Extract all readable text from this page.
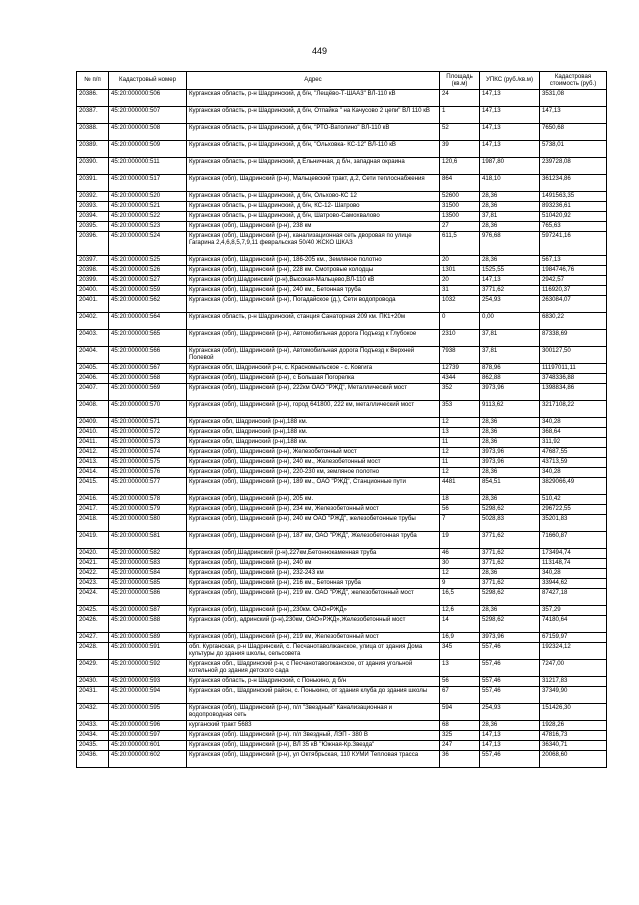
449
№ п/п	Кадастровый номер	Адрес	Площадь (кв.м)	УПКС (руб./кв.м)	Кадастровая стоимость (руб.)
20386.	45:20:000000:506	Курганская область, р-н Шадринский, д б/н, "Лещёво-Т-ШАА3" ВЛ-110 кВ	24	147,13	3531,08
20387.	45:20:000000:507	Курганская область, р-н Шадринский, д б/н, Отпайка " на Качусово 2 цепи" ВЛ 110 кВ	1	147,13	147,13
20388.	45:20:000000:508	Курганская область, р-н Шадринский, д б/н, "РТО-Ватолино" ВЛ-110 кВ	52	147,13	7650,68
20389.	45:20:000000:509	Курганская область, р-н Шадринский, д б/н, "Ольховка- КС-12" ВЛ-110 кВ	39	147,13	5738,01
20390.	45:20:000000:511	Курганская область, р-н Шадринский, д Ельничная, д б/н, западная окраина	120,6	1987,80	239728,08
20391.	45:20:000000:517	Курганская (обл), Шадринский (р-н), Мальцевский тракт, д.2, Сети теплоснабжения	864	418,10	361234,86
20392.	45:20:000000:520	Курганская область, р-н Шадринский, д б/н, Ольхово-КС 12	52600	28,36	1491563,35
20393.	45:20:000000:521	Курганская область, р-н Шадринский, д б/н, КС-12- Шатрово	31500	28,36	893236,61
20394.	45:20:000000:522	Курганская область, р-н Шадринский, д б/н, Шатрово-Самохвалово	13500	37,81	510420,92
20395.	45:20:000000:523	Курганская (обл), Шадринский (р-н), 238 км	27	28,36	765,63
20396.	45:20:000000:524	Курганская (обл), Шадринский (р-н), канализационная сеть дворовая по улице Гагарина 2,4,6,8,5,7,9,11 февральская 50/40 ЖСКО ШКАЗ	611,5	976,68	597241,16
20397.	45:20:000000:525	Курганская (обл), Шадринский (р-н), 186-205 км., Земляное полотно	20	28,36	567,13
20398.	45:20:000000:526	Курганская (обл), Шадринский (р-н), 228 км. Смотровые колодцы	1301	1525,55	1984746,76
20399.	45:20:000000:527	Курганская (обл),Шадринский (р-н),Высокая-Мальцево,ВЛ-110 кВ	20	147,13	2942,57
20400.	45:20:000000:559	Курганская (обл), Шадринский (р-н), 240 км., Бетонная труба	31	3771,62	116920,37
20401.	45:20:000000:562	Курганская (обл), Шадринский (р-н), Погадайское (д.), Сети водопровода	1032	254,93	263084,07
20402.	45:20:000000:564	Курганская область, р-н Шадринский, станция Санаторная 209 км. ПК1+20м	0	0,00	6830,22
20403.	45:20:000000:565	Курганская (обл), Шадринский (р-н), Автомобильная дорога Подъезд к Глубокое	2310	37,81	87338,69
20404.	45:20:000000:566	Курганская (обл), Шадринский (р-н), Автомобильная дорога Подъезд к Верхней Полевой	7938	37,81	300127,50
20405.	45:20:000000:567	Курганская обл, Шадринский р-н, с. Красномыльское - с. Ковгига	12739	878,96	11197011,11
20406.	45:20:000000:568	Курганская (обл), Шадринский (р-н), с Большая Погорелка	4344	862,88	3748336,88
20407.	45:20:000000:569	Курганская (обл), Шадринский (р-н), 222км ОАО "РЖД", Металлический мост	352	3973,96	1398834,86
20408.	45:20:000000:570	Курганская (обл), Шадринский (р-н), город 641800, 222 км, металлический мост	353	9113,62	3217108,22
20409.	45:20:000000:571	Курганская обл, Шадринский (р-н),188 км.	12	28,36	340,28
20410.	45:20:000000:572	Курганская обл, Шадринский (р-н),188 км.	13	28,36	368,64
20411.	45:20:000000:573	Курганская обл, Шадринский (р-н),188 км.	11	28,36	311,92
20412.	45:20:000000:574	Курганская (обл), Шадринский (р-н), Железобетонный мост	12	3973,96	47687,55
20413.	45:20:000000:575	Курганская (обл), Шадринский (р-н), 240 км., Железобетонный мост	11	3973,96	43713,59
20414.	45:20:000000:576	Курганская (обл), Шадринский (р-н), 220-230 км, земляное полотно	12	28,36	340,28
20415.	45:20:000000:577	Курганская (обл), Шадринский (р-н), 189 км., ОАО "РЖД", Станционные пути	4481	854,51	3829066,49
20416.	45:20:000000:578	Курганская (обл), Шадринский (р-н), 205 км.	18	28,36	510,42
20417.	45:20:000000:579	Курганская (обл), Шадринский (р-н), 234 км, Железобетонный мост	56	5298,62	296722,55
20418.	45:20:000000:580	Курганская (обл), Шадринский (р-н), 240 км ОАО "РЖД", железобетонные трубы	7	5028,83	35201,83
20419.	45:20:000000:581	Курганская (обл), Шадринский (р-н), 187 км, ОАО "РЖД", Железобетонная труба	19	3771,62	71660,87
20420.	45:20:000000:582	Курганская (обл),Шадринский (р-н),227км,Бетоннокаменная труба	46	3771,62	173494,74
20421.	45:20:000000:583	Курганская (обл), Шадринский (р-н), 240 км	30	3771,62	113148,74
20422.	45:20:000000:584	Курганская (обл), Шадринский (р-н), 232-243 км	12	28,36	340,28
20423.	45:20:000000:585	Курганская (обл), Шадринский (р-н), 216 км., Бетонная труба	9	3771,62	33944,62
20424.	45:20:000000:586	Курганская (обл), Шадринский (р-н), 219 км. ОАО "РЖД", железобетонный мост	16,5	5298,62	87427,18
20425.	45:20:000000:587	Курганская (обл), Шадринский (р-н),,230км. ОАО«РЖД»	12,6	28,36	357,29
20426.	45:20:000000:588	Курганская (обл), адринский (р-н),230км, ОАО«РЖД»,Железобетонный мост	14	5298,62	74180,64
20427.	45:20:000000:589	Курганская (обл), Шадринский (р-н), 219 км, Железобетонный мост	16,9	3973,96	67159,97
20428.	45:20:000000:591	обл. Курганская, р-н Шадринский, с. Песчанотаволжанское, улица от здания Дома культуры до здания школы, сельсовета	345	557,46	192324,12
20429.	45:20:000000:592	Курганская обл., Шадринский р-н, с Песчанотаволжанское, от здания угольной котельной до здания детского сада	13	557,46	7247,00
20430.	45:20:000000:593	Курганская область, р-н Шадринский, с Понькино, д б/н	56	557,46	31217,83
20431.	45:20:000000:594	Курганская обл., Шадринский район, с. Понькино, от здания клуба до здания школы	67	557,46	37349,90
20432.	45:20:000000:595	Курганская (обл), Шадринский (р-н), п/л "Звездный" Канализационная и водопроводная сеть	594	254,93	151426,30
20433.	45:20:000000:596	курганский тракт 5683	68	28,36	1928,26
20434.	45:20:000000:597	Курганская (обл). Шадринский (р-н). п/л Звездный, ЛЭП - 380 В	325	147,13	47816,73
20435.	45:20:000000:601	Курганская (обл), Шадринский (р-н), ВЛ 35 кВ "Южная-Кр.Звезда"	247	147,13	36340,71
20436.	45:20:000000:602	Курганская (обл), Шадринский (р-н), ул Октябрьская, 110 КУМИ Тепловая трасса	36	557,46	20068,60
